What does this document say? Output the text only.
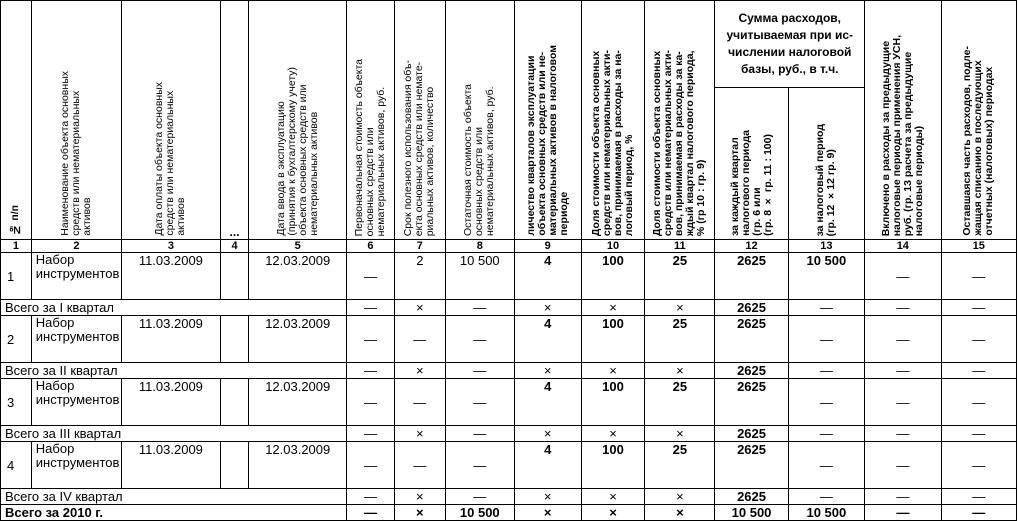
№ п/п	Наименование объекта основных
средств или нематериальных
активов	Дата оплаты объекта основных
средств или нематериальных
активов	...	Дата ввода в эксплуатацию
(принятия к бухгалтерскому учету)
объекта основных средств или
нематериальных активов	Первоначальная стоимость объекта
основных средств или
нематериальных активов, руб.	Срок полезного использования объ-
екта основных средств или немате-
риальных активов, количество	Остаточная стоимость объекта
основных средств или
нематериальных активов, руб.	личество кварталов эксплуатации
объекта основных средств или не-
материальных активов в налоговом
периоде	Доля стоимости объекта основных
средств или нематериальных акти-
вов, принимаемая в расходы за на-
логовый период, %	Доля стоимости объекта основных
средств или нематериальных акти-
вов, принимаемая в расходы за ка-
ждый квартал налогового периода,
% (гр 10 : гр. 9)	Сумма расходов,
учитываемая при ис-
числении налоговой
базы, руб., в т.ч.		Включено в расходы за предыдущие
налоговые периоды применения УСН,
руб. (гр. 13 расчета за предыдущие
налоговые периоды)	Оставшаяся часть расходов, подле-
жащая списанию в последующих
отчетных (налоговых) периодах

											за каждый квартал
налогового периода
(гр. 6 или
(гр. 8 × гр. 11 : 100)	за налоговый период
(гр. 12 ×12 гр. 9)		

1	2	3	4	5	6	7	8	9	10	11	12	13	14	15
1	Набор инструментов	11.03.2009		12.03.2009	—	2	10 500	4	100	25	2625	10 500	—	—
Всего за I квартал					—	×	—	×	×	×	2625	—	—	—
2	Набор инструментов	11.03.2009		12.03.2009	—	—	—	4	100	25	2625	—	—	—
Всего за II квартал					—	×	—	×	×	×	2625	—	—	—
3	Набор инструментов	11.03.2009		12.03.2009	—	—	—	4	100	25	2625	—	—	—
Всего за III квартал					—	×	—	×	×	×	2625	—	—	—
4	Набор инструментов	11.03.2009		12.03.2009	—	—	—	4	100	25	2625	—	—	—
Всего за IV квартал					—	×	—	×	×	×	2625	—	—	—
Всего за 2010 г.					—	×	10 500	×	×	×	10 500	10 500	—	—
